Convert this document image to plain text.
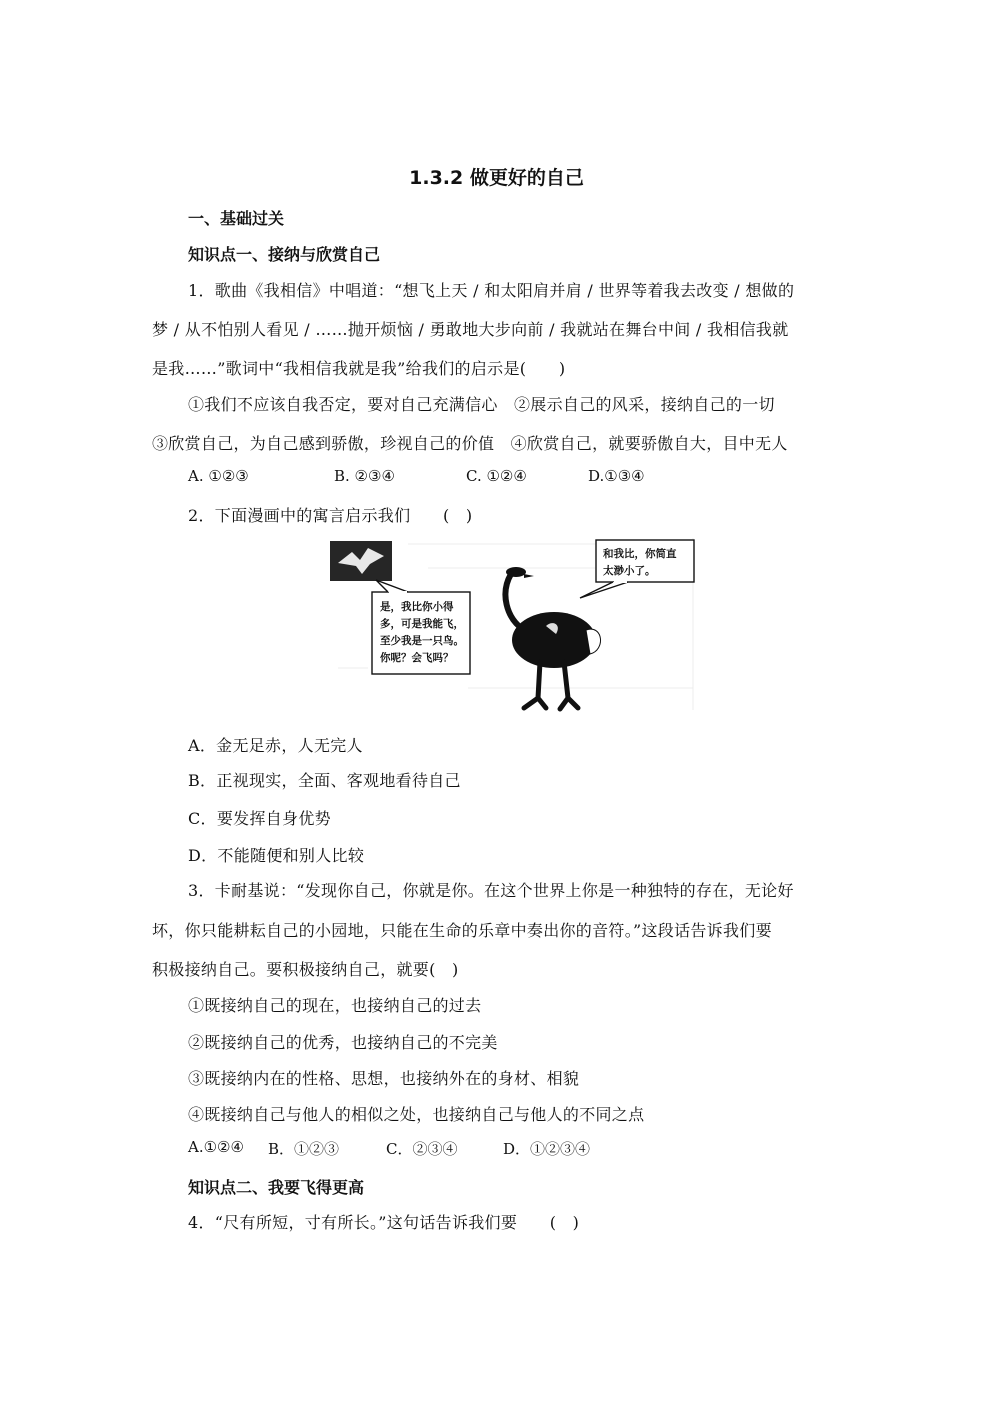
1.3.2 做更好的自己
一、基础过关
知识点一、接纳与欣赏自己
1．歌曲《我相信》中唱道：“想飞上天 / 和太阳肩并肩 / 世界等着我去改变 / 想做的
梦 / 从不怕别人看见 / ……抛开烦恼 / 勇敢地大步向前 / 我就站在舞台中间 / 我相信我就
是我……”歌词中“我相信我就是我”给我们的启示是(　　)
①我们不应该自我否定，要对自己充满信心　②展示自己的风采，接纳自己的一切
③欣赏自己，为自己感到骄傲，珍视自己的价值　④欣赏自己，就要骄傲自大，目中无人
A. ①②③	B. ②③④	C. ①②④	D.①③④
2．下面漫画中的寓言启示我们　　(　)
是，我比你小得
多，可是我能飞，
至少我是一只鸟。
你呢？会飞吗？
和我比，你简直
太渺小了。
A．金无足赤，人无完人
B．正视现实，全面、客观地看待自己
C．要发挥自身优势
D．不能随便和别人比较
3．卡耐基说：“发现你自己，你就是你。在这个世界上你是一种独特的存在，无论好
坏，你只能耕耘自己的小园地，只能在生命的乐章中奏出你的音符。”这段话告诉我们要
积极接纳自己。要积极接纳自己，就要(　)
①既接纳自己的现在，也接纳自己的过去
②既接纳自己的优秀，也接纳自己的不完美
③既接纳内在的性格、思想，也接纳外在的身材、相貌
④既接纳自己与他人的相似之处，也接纳自己与他人的不同之点
A.①②④ B．①②③	C．②③④	D．①②③④
知识点二、我要飞得更高
4．“尺有所短，寸有所长。”这句话告诉我们要　　(　)
